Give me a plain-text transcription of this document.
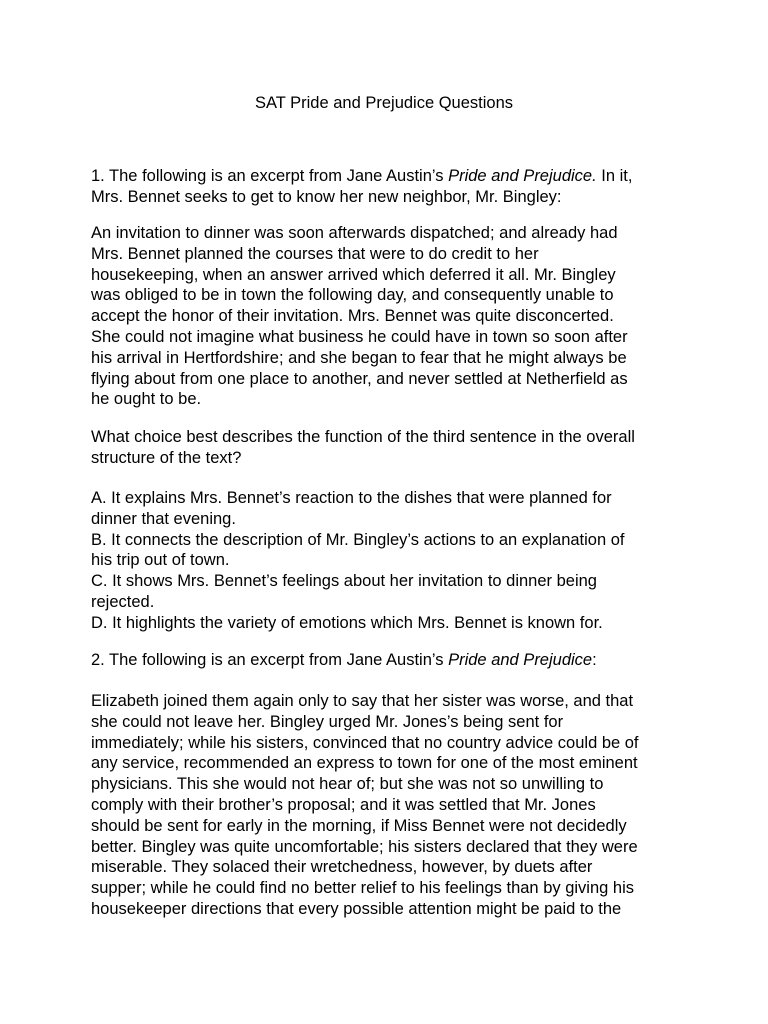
SAT Pride and Prejudice Questions

1. The following is an excerpt from Jane Austin’s Pride and Prejudice. In it,
Mrs. Bennet seeks to get to know her new neighbor, Mr. Bingley:

An invitation to dinner was soon afterwards dispatched; and already had
Mrs. Bennet planned the courses that were to do credit to her
housekeeping, when an answer arrived which deferred it all. Mr. Bingley
was obliged to be in town the following day, and consequently unable to
accept the honor of their invitation. Mrs. Bennet was quite disconcerted.
She could not imagine what business he could have in town so soon after
his arrival in Hertfordshire; and she began to fear that he might always be
flying about from one place to another, and never settled at Netherfield as
he ought to be.

What choice best describes the function of the third sentence in the overall
structure of the text?

A. It explains Mrs. Bennet’s reaction to the dishes that were planned for
dinner that evening.
B. It connects the description of Mr. Bingley’s actions to an explanation of
his trip out of town.
C. It shows Mrs. Bennet’s feelings about her invitation to dinner being
rejected.
D. It highlights the variety of emotions which Mrs. Bennet is known for.

2. The following is an excerpt from Jane Austin’s Pride and Prejudice:

Elizabeth joined them again only to say that her sister was worse, and that
she could not leave her. Bingley urged Mr. Jones’s being sent for
immediately; while his sisters, convinced that no country advice could be of
any service, recommended an express to town for one of the most eminent
physicians. This she would not hear of; but she was not so unwilling to
comply with their brother’s proposal; and it was settled that Mr. Jones
should be sent for early in the morning, if Miss Bennet were not decidedly
better. Bingley was quite uncomfortable; his sisters declared that they were
miserable. They solaced their wretchedness, however, by duets after
supper; while he could find no better relief to his feelings than by giving his
housekeeper directions that every possible attention might be paid to the
